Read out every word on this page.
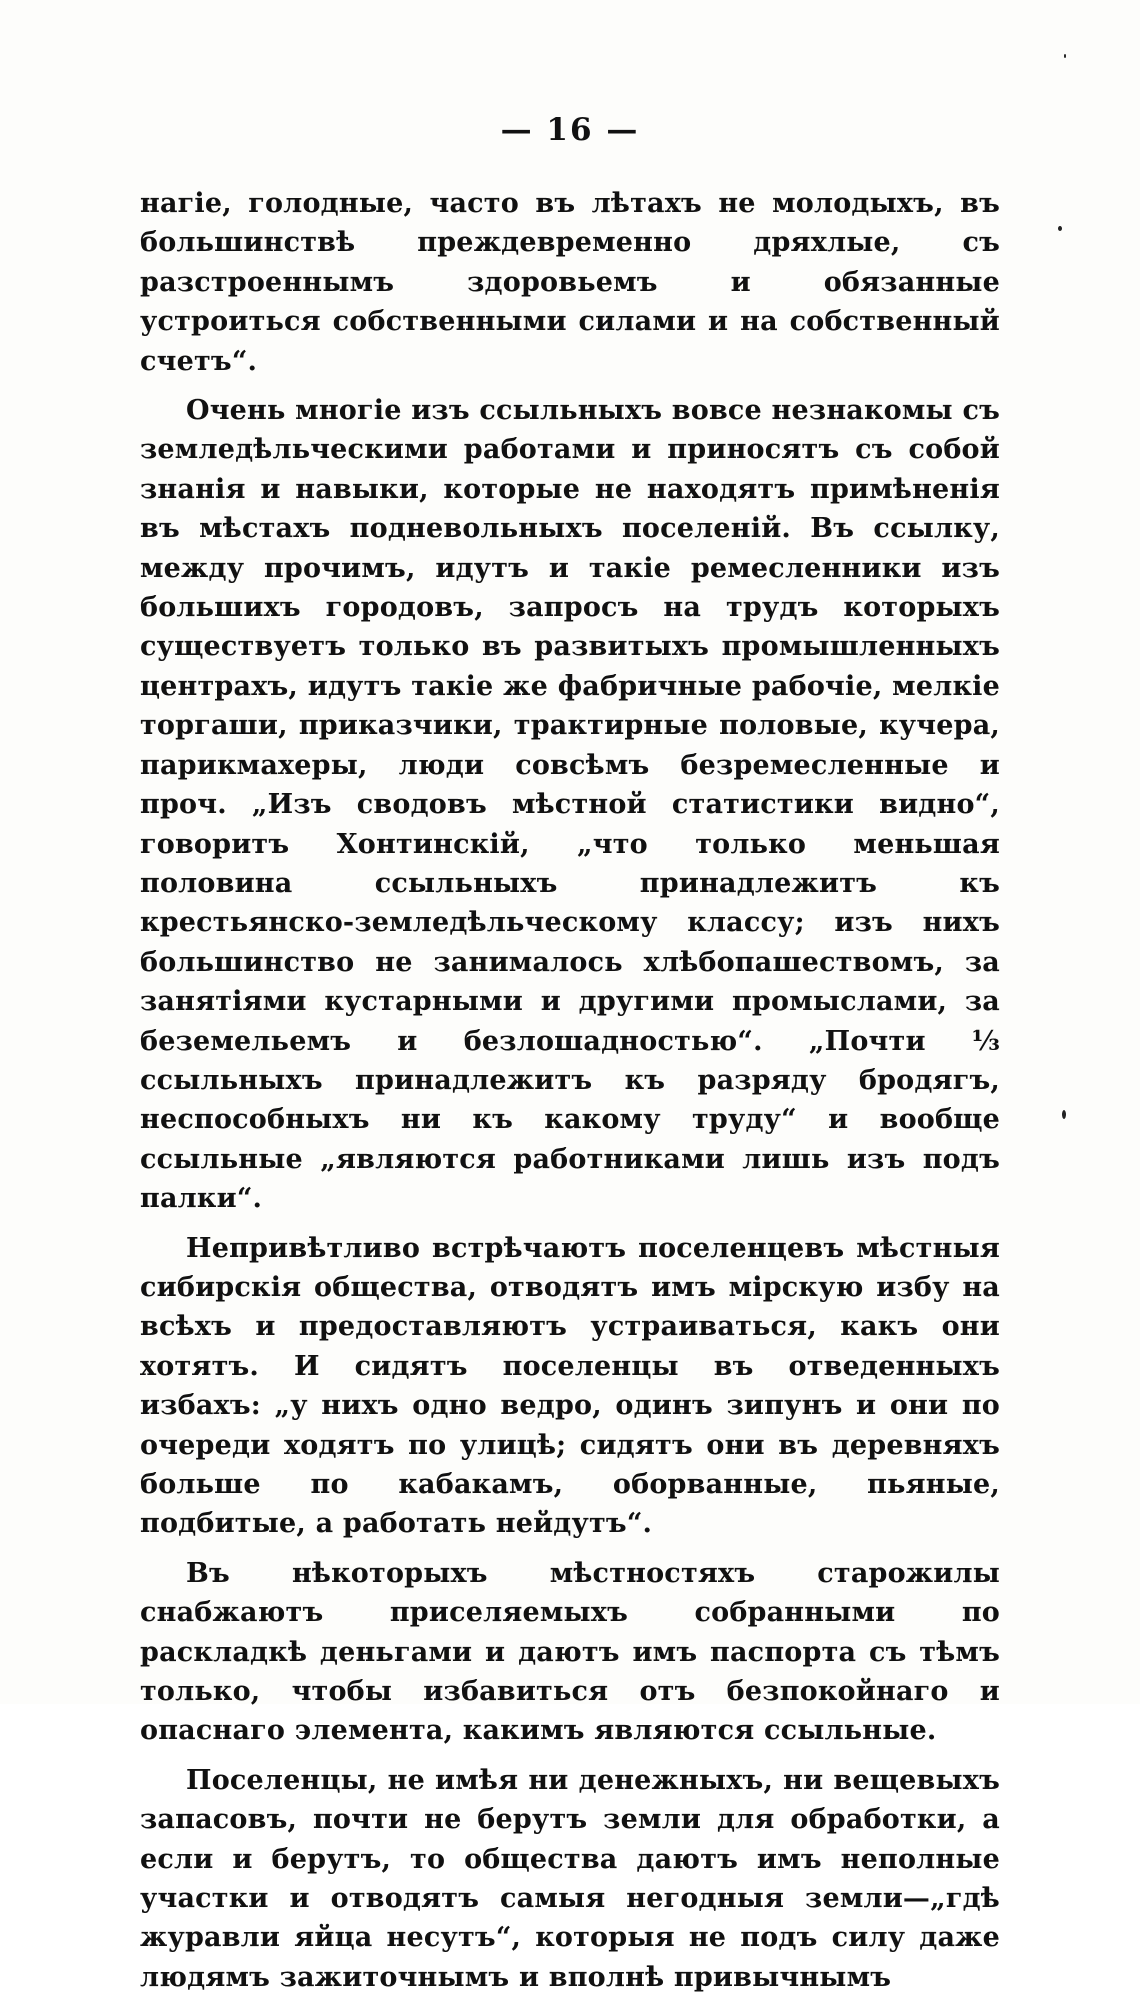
— 16 —

нагіе, голодные, часто въ лѣтахъ не молодыхъ, въ большинствѣ преждевременно дряхлые, съ разстроеннымъ здоровьемъ и обязанные устроиться собственными силами и на собственный счетъ“.

Очень многіе изъ ссыльныхъ вовсе незнакомы съ земледѣльческими работами и приносятъ съ собой знанія и навыки, которые не находятъ примѣненія въ мѣстахъ подневольныхъ поселеній. Въ ссылку, между прочимъ, идутъ и такіе ремесленники изъ большихъ городовъ, запросъ на трудъ которыхъ существуетъ только въ развитыхъ промышленныхъ центрахъ, идутъ такіе же фабричные рабочіе, мелкіе торгаши, приказчики, трактирные половые, кучера, парикмахеры, люди совсѣмъ безремесленные и проч. „Изъ сводовъ мѣстной статистики видно“, говоритъ Хонтинскій, „что только меньшая половина ссыльныхъ принадлежитъ къ крестьянско-земледѣльческому классу; изъ нихъ большинство не занималось хлѣбопашествомъ, за занятіями кустарными и другими промыслами, за беземельемъ и безлошадностью“. „Почти ⅓ ссыльныхъ принадлежитъ къ разряду бродягъ, неспособныхъ ни къ какому труду“ и вообще ссыльные „являются работниками лишь изъ подъ палки“.

Непривѣтливо встрѣчаютъ поселенцевъ мѣстныя сибирскія общества, отводятъ имъ мірскую избу на всѣхъ и предоставляютъ устраиваться, какъ они хотятъ. И сидятъ поселенцы въ отведенныхъ избахъ: „у нихъ одно ведро, одинъ зипунъ и они по очереди ходятъ по улицѣ; сидятъ они въ деревняхъ больше по кабакамъ, оборванные, пьяные, подбитые, а работать нейдутъ“.

Въ нѣкоторыхъ мѣстностяхъ старожилы снабжаютъ приселяемыхъ собранными по раскладкѣ деньгами и даютъ имъ паспорта съ тѣмъ только, чтобы избавиться отъ безпокойнаго и опаснаго элемента, какимъ являются ссыльные.

Поселенцы, не имѣя ни денежныхъ, ни вещевыхъ запасовъ, почти не берутъ земли для обработки, а если и берутъ, то общества даютъ имъ неполные участки и отводятъ самыя негодныя земли—„гдѣ журавли яйца несутъ“, которыя не подъ силу даже людямъ зажиточнымъ и вполнѣ привычнымъ
